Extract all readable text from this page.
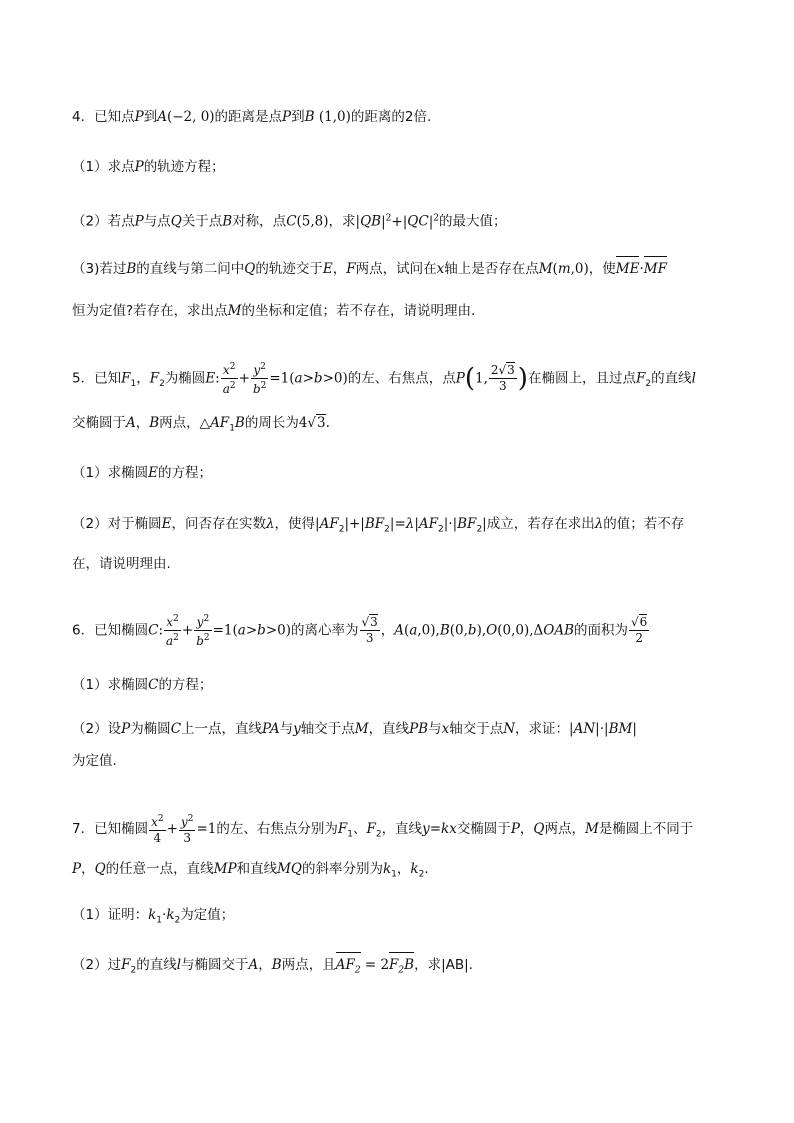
4．已知点P到A(−2, 0)的距离是点P到B (1,0)的距离的2倍.
（1）求点P的轨迹方程；
（2）若点P与点Q关于点B对称，点C(5,8)，求$|QB|^2+|QC|^2$的最大值；
（3)若过B的直线与第二问中Q的轨迹交于E，F两点，试问在x轴上是否存在点M(m,0)，使ME·MF
恒为定值?若存在，求出点M的坐标和定值；若不存在，请说明理由.
5．已知$F_1$，$F_2$为椭圆E: $\frac{x^2}{a^2} + \frac{y^2}{b^2} =1(a>b>0)$的左、右焦点，点P(1, $\frac{2√3}{3}$ )在椭圆上，且过点$F_2$的直线l
交椭圆于A，B两点，$\triangle AF_1B$的周长为4√3.
（1）求椭圆E的方程；
（2）对于椭圆E，问否存在实数λ，使得$|AF_2|+|BF_2|=\lambda|AF_2|\cdot|BF_2|$成立，若存在求出λ的值；若不存
在，请说明理由.
6．已知椭圆C: $\frac{x^2}{a^2} + \frac{y^2}{b^2} =1(a>b>0)$的离心率为 $\frac{√3}{3}$ ，A(a,0),B(0,b),O(0,0),ΔOAB的面积为 $\frac{√6}{2}$
（1）求椭圆C的方程；
（2）设P为椭圆C上一点，直线PA与y轴交于点M，直线PB与x轴交于点N，求证：|AN|·|BM|
为定值.
7．已知椭圆 $\frac{x^2}{4} + \frac{y^2}{3} =1$的左、右焦点分别为$F_1$、$F_2$，直线y=kx交椭圆于P，Q两点，M是椭圆上不同于
P，Q的任意一点，直线MP和直线MQ的斜率分别为$k_1$，$k_2$.
（1）证明：$k_1\cdot k_2$为定值；
（2）过$F_2$的直线l与椭圆交于A，B两点，且$AF_2 = 2F_2B$，求|AB|.
